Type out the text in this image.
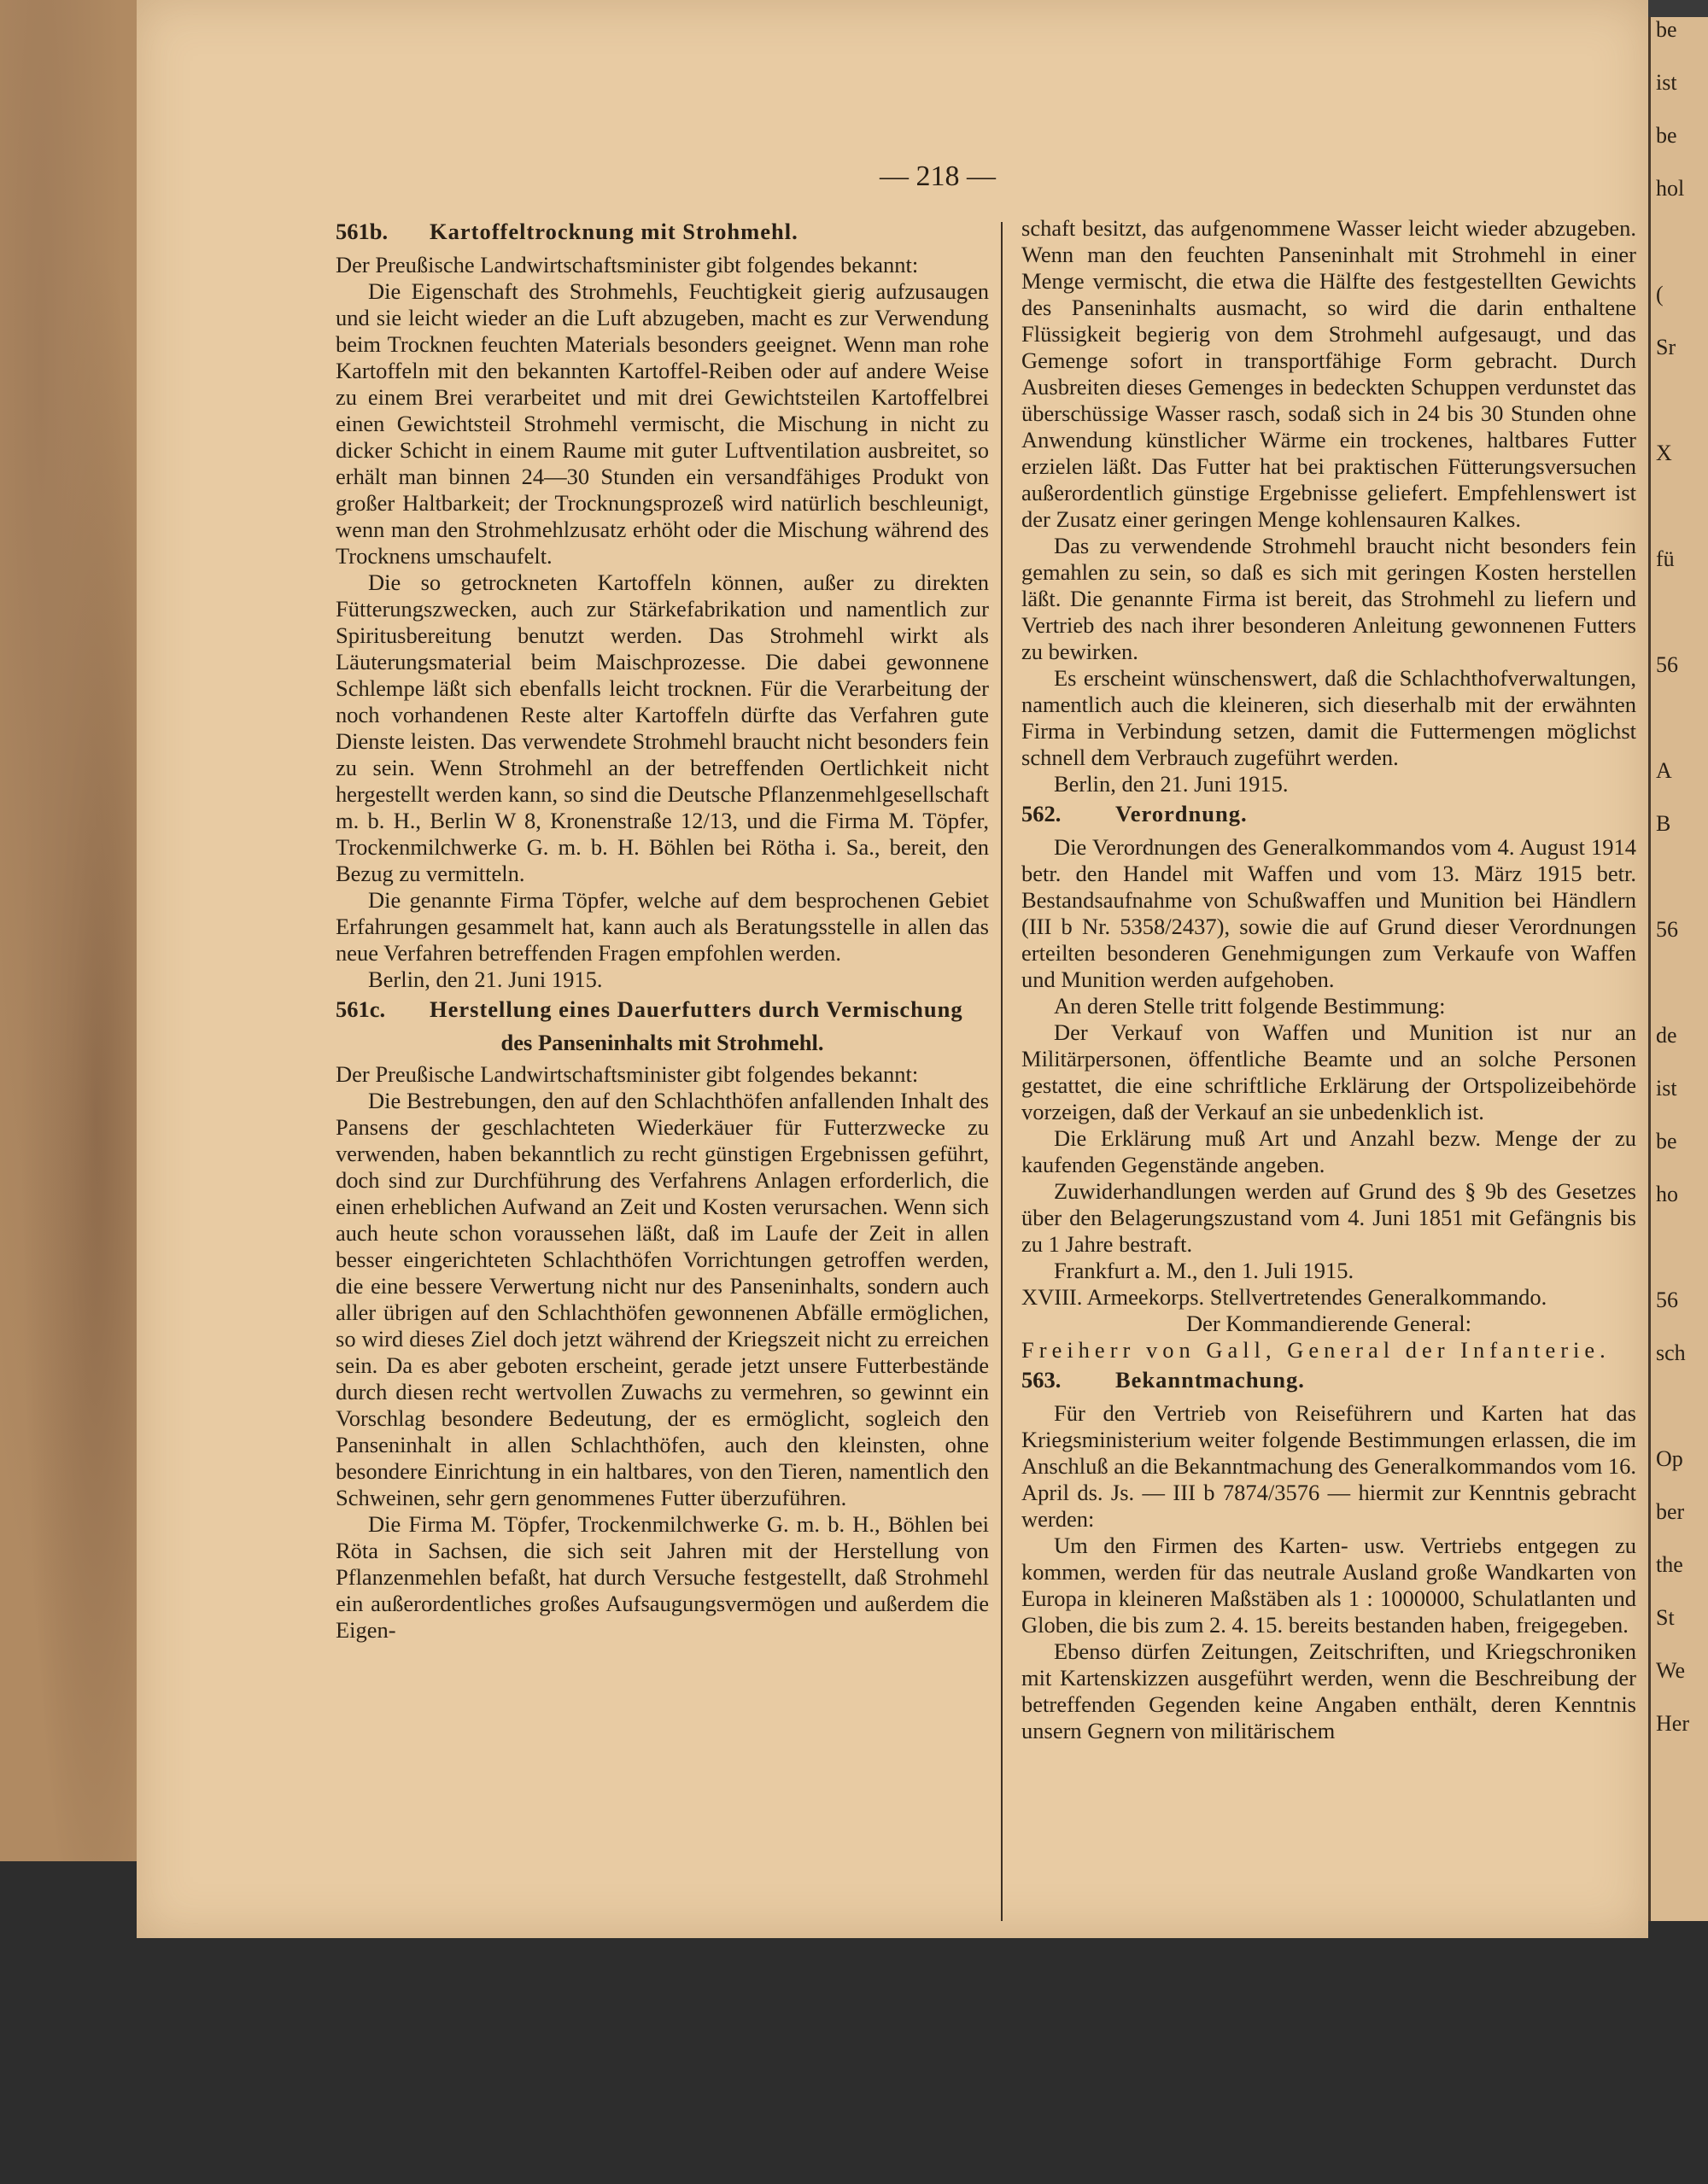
be
ist
be
hol
(
Sr
X
fü
56
A
B
56
de
ist
be
ho
56
sch
Op
ber
the
St
We
Her
— 218 —

561b.	Kartoffeltrocknung mit Strohmehl.

Der Preußische Landwirtschaftsminister gibt folgendes bekannt:

Die Eigenschaft des Strohmehls, Feuchtigkeit gierig aufzusaugen und sie leicht wieder an die Luft abzugeben, macht es zur Verwendung beim Trocknen feuchten Materials besonders geeignet. Wenn man rohe Kartoffeln mit den bekannten Kartoffel-Reiben oder auf andere Weise zu einem Brei verarbeitet und mit drei Gewichtsteilen Kartoffelbrei einen Gewichtsteil Strohmehl vermischt, die Mischung in nicht zu dicker Schicht in einem Raume mit guter Luftventilation ausbreitet, so erhält man binnen 24—30 Stunden ein versandfähiges Produkt von großer Haltbarkeit; der Trocknungsprozeß wird natürlich beschleunigt, wenn man den Strohmehlzusatz erhöht oder die Mischung während des Trocknens umschaufelt.

Die so getrockneten Kartoffeln können, außer zu direkten Fütterungszwecken, auch zur Stärkefabrikation und namentlich zur Spiritusbereitung benutzt werden. Das Strohmehl wirkt als Läuterungsmaterial beim Maischprozesse. Die dabei gewonnene Schlempe läßt sich ebenfalls leicht trocknen. Für die Verarbeitung der noch vorhandenen Reste alter Kartoffeln dürfte das Verfahren gute Dienste leisten. Das verwendete Strohmehl braucht nicht besonders fein zu sein. Wenn Strohmehl an der betreffenden Oertlichkeit nicht hergestellt werden kann, so sind die Deutsche Pflanzenmehlgesellschaft m. b. H., Berlin W 8, Kronenstraße 12/13, und die Firma M. Töpfer, Trockenmilchwerke G. m. b. H. Böhlen bei Rötha i. Sa., bereit, den Bezug zu vermitteln.

Die genannte Firma Töpfer, welche auf dem besprochenen Gebiet Erfahrungen gesammelt hat, kann auch als Beratungsstelle in allen das neue Verfahren betreffenden Fragen empfohlen werden.

Berlin, den 21. Juni 1915.

561c.	Herstellung eines Dauerfutters durch Vermischung

des Panseninhalts mit Strohmehl.

Der Preußische Landwirtschaftsminister gibt folgendes bekannt:

Die Bestrebungen, den auf den Schlachthöfen anfallenden Inhalt des Pansens der geschlachteten Wiederkäuer für Futterzwecke zu verwenden, haben bekanntlich zu recht günstigen Ergebnissen geführt, doch sind zur Durchführung des Verfahrens Anlagen erforderlich, die einen erheblichen Aufwand an Zeit und Kosten verursachen. Wenn sich auch heute schon voraussehen läßt, daß im Laufe der Zeit in allen besser eingerichteten Schlachthöfen Vorrichtungen getroffen werden, die eine bessere Verwertung nicht nur des Panseninhalts, sondern auch aller übrigen auf den Schlachthöfen gewonnenen Abfälle ermöglichen, so wird dieses Ziel doch jetzt während der Kriegszeit nicht zu erreichen sein. Da es aber geboten erscheint, gerade jetzt unsere Futterbestände durch diesen recht wertvollen Zuwachs zu vermehren, so gewinnt ein Vorschlag besondere Bedeutung, der es ermöglicht, sogleich den Panseninhalt in allen Schlachthöfen, auch den kleinsten, ohne besondere Einrichtung in ein haltbares, von den Tieren, namentlich den Schweinen, sehr gern genommenes Futter überzuführen.

Die Firma M. Töpfer, Trockenmilchwerke G. m. b. H., Böhlen bei Röta in Sachsen, die sich seit Jahren mit der Herstellung von Pflanzenmehlen befaßt, hat durch Versuche festgestellt, daß Strohmehl ein außerordentliches großes Aufsaugungsvermögen und außerdem die Eigen-

schaft besitzt, das aufgenommene Wasser leicht wieder abzugeben. Wenn man den feuchten Panseninhalt mit Strohmehl in einer Menge vermischt, die etwa die Hälfte des festgestellten Gewichts des Panseninhalts ausmacht, so wird die darin enthaltene Flüssigkeit begierig von dem Strohmehl aufgesaugt, und das Gemenge sofort in transportfähige Form gebracht. Durch Ausbreiten dieses Gemenges in bedeckten Schuppen verdunstet das überschüssige Wasser rasch, sodaß sich in 24 bis 30 Stunden ohne Anwendung künstlicher Wärme ein trockenes, haltbares Futter erzielen läßt. Das Futter hat bei praktischen Fütterungsversuchen außerordentlich günstige Ergebnisse geliefert. Empfehlenswert ist der Zusatz einer geringen Menge kohlensauren Kalkes.

Das zu verwendende Strohmehl braucht nicht besonders fein gemahlen zu sein, so daß es sich mit geringen Kosten herstellen läßt. Die genannte Firma ist bereit, das Strohmehl zu liefern und Vertrieb des nach ihrer besonderen Anleitung gewonnenen Futters zu bewirken.

Es erscheint wünschenswert, daß die Schlachthofverwaltungen, namentlich auch die kleineren, sich dieserhalb mit der erwähnten Firma in Verbindung setzen, damit die Futtermengen möglichst schnell dem Verbrauch zugeführt werden.

Berlin, den 21. Juni 1915.

562.	Verordnung.

Die Verordnungen des Generalkommandos vom 4. August 1914 betr. den Handel mit Waffen und vom 13. März 1915 betr. Bestandsaufnahme von Schußwaffen und Munition bei Händlern (III b Nr. 5358/2437), sowie die auf Grund dieser Verordnungen erteilten besonderen Genehmigungen zum Verkaufe von Waffen und Munition werden aufgehoben.

An deren Stelle tritt folgende Bestimmung:

Der Verkauf von Waffen und Munition ist nur an Militärpersonen, öffentliche Beamte und an solche Personen gestattet, die eine schriftliche Erklärung der Ortspolizeibehörde vorzeigen, daß der Verkauf an sie unbedenklich ist.

Die Erklärung muß Art und Anzahl bezw. Menge der zu kaufenden Gegenstände angeben.

Zuwiderhandlungen werden auf Grund des § 9b des Gesetzes über den Belagerungszustand vom 4. Juni 1851 mit Gefängnis bis zu 1 Jahre bestraft.

Frankfurt a. M., den 1. Juli 1915.

XVIII. Armeekorps. Stellvertretendes Generalkommando.

Der Kommandierende General:

Freiherr von Gall, General der Infanterie.

563.	Bekanntmachung.

Für den Vertrieb von Reiseführern und Karten hat das Kriegsministerium weiter folgende Bestimmungen erlassen, die im Anschluß an die Bekanntmachung des Generalkommandos vom 16. April ds. Js. — III b 7874/3576 — hiermit zur Kenntnis gebracht werden:

Um den Firmen des Karten- usw. Vertriebs entgegen zu kommen, werden für das neutrale Ausland große Wandkarten von Europa in kleineren Maßstäben als 1 : 1000000, Schulatlanten und Globen, die bis zum 2. 4. 15. bereits bestanden haben, freigegeben.

Ebenso dürfen Zeitungen, Zeitschriften, und Kriegschroniken mit Kartenskizzen ausgeführt werden, wenn die Beschreibung der betreffenden Gegenden keine Angaben enthält, deren Kenntnis unsern Gegnern von militärischem
